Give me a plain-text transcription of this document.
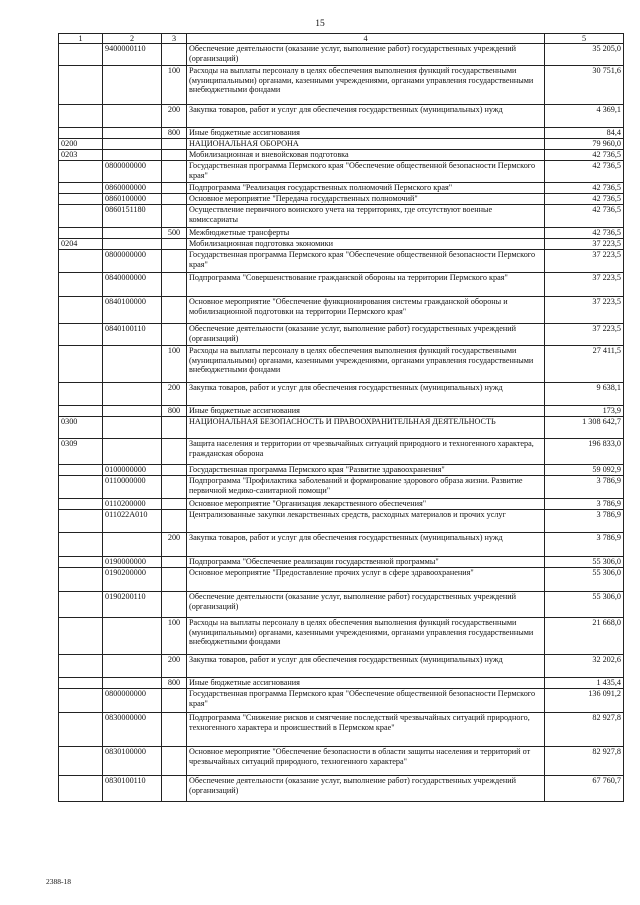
15
1	2	3	4	5
	9400000110		Обеспечение деятельности (оказание услуг, выполнение работ) государственных учреждений (организаций)	35 205,0
		100	Расходы на выплаты персоналу в целях обеспечения выполнения функций государственными (муниципальными) органами, казенными учреждениями, органами управления государственными внебюджетными фондами	30 751,6
		200	Закупка товаров, работ и услуг для обеспечения государственных (муниципальных) нужд	4 369,1
		800	Иные бюджетные ассигнования	84,4
0200			НАЦИОНАЛЬНАЯ ОБОРОНА	79 960,0
0203			Мобилизационная и вневойсковая подготовка	42 736,5
	0800000000		Государственная программа Пермского края "Обеспечение общественной безопасности Пермского края"	42 736,5
	0860000000		Подпрограмма "Реализация государственных полномочий Пермского края"	42 736,5
	0860100000		Основное мероприятие "Передача государственных полномочий"	42 736,5
	0860151180		Осуществление первичного воинского учета на территориях, где отсутствуют военные комиссариаты	42 736,5
		500	Межбюджетные трансферты	42 736,5
0204			Мобилизационная подготовка экономики	37 223,5
	0800000000		Государственная программа Пермского края "Обеспечение общественной безопасности Пермского края"	37 223,5
	0840000000		Подпрограмма "Совершенствование гражданской обороны на территории Пермского края"	37 223,5
	0840100000		Основное мероприятие "Обеспечение функционирования системы гражданской обороны и мобилизационной подготовки на территории Пермского края"	37 223,5
	0840100110		Обеспечение деятельности (оказание услуг, выполнение работ) государственных учреждений (организаций)	37 223,5
		100	Расходы на выплаты персоналу в целях обеспечения выполнения функций государственными (муниципальными) органами, казенными учреждениями, органами управления государственными внебюджетными фондами	27 411,5
		200	Закупка товаров, работ и услуг для обеспечения государственных (муниципальных) нужд	9 638,1
		800	Иные бюджетные ассигнования	173,9
0300			НАЦИОНАЛЬНАЯ БЕЗОПАСНОСТЬ И ПРАВООХРАНИТЕЛЬНАЯ ДЕЯТЕЛЬНОСТЬ	1 308 642,7
0309			Защита населения и территории от чрезвычайных ситуаций природного и техногенного характера, гражданская оборона	196 833,0
	0100000000		Государственная программа Пермского края "Развитие здравоохранения"	59 092,9
	0110000000		Подпрограмма "Профилактика заболеваний и формирование здорового образа жизни. Развитие первичной медико-санитарной помощи"	3 786,9
	0110200000		Основное мероприятие "Организация лекарственного обеспечения"	3 786,9
	011022А010		Централизованные закупки лекарственных средств, расходных материалов и прочих услуг	3 786,9
		200	Закупка товаров, работ и услуг для обеспечения государственных (муниципальных) нужд	3 786,9
	0190000000		Подпрограмма "Обеспечение реализации государственной программы"	55 306,0
	0190200000		Основное мероприятие "Предоставление прочих услуг в сфере здравоохранения"	55 306,0
	0190200110		Обеспечение деятельности (оказание услуг, выполнение работ) государственных учреждений (организаций)	55 306,0
		100	Расходы на выплаты персоналу в целях обеспечения выполнения функций государственными (муниципальными) органами, казенными учреждениями, органами управления государственными внебюджетными фондами	21 668,0
		200	Закупка товаров, работ и услуг для обеспечения государственных (муниципальных) нужд	32 202,6
		800	Иные бюджетные ассигнования	1 435,4
	0800000000		Государственная программа Пермского края "Обеспечение общественной безопасности Пермского края"	136 091,2
	0830000000		Подпрограмма "Снижение рисков и смягчение последствий чрезвычайных ситуаций природного, техногенного характера и происшествий в Пермском крае"	82 927,8
	0830100000		Основное мероприятие "Обеспечение безопасности в области защиты населения и территорий от чрезвычайных ситуаций природного, техногенного характера"	82 927,8
	0830100110		Обеспечение деятельности (оказание услуг, выполнение работ) государственных учреждений (организаций)	67 760,7
2388-18
